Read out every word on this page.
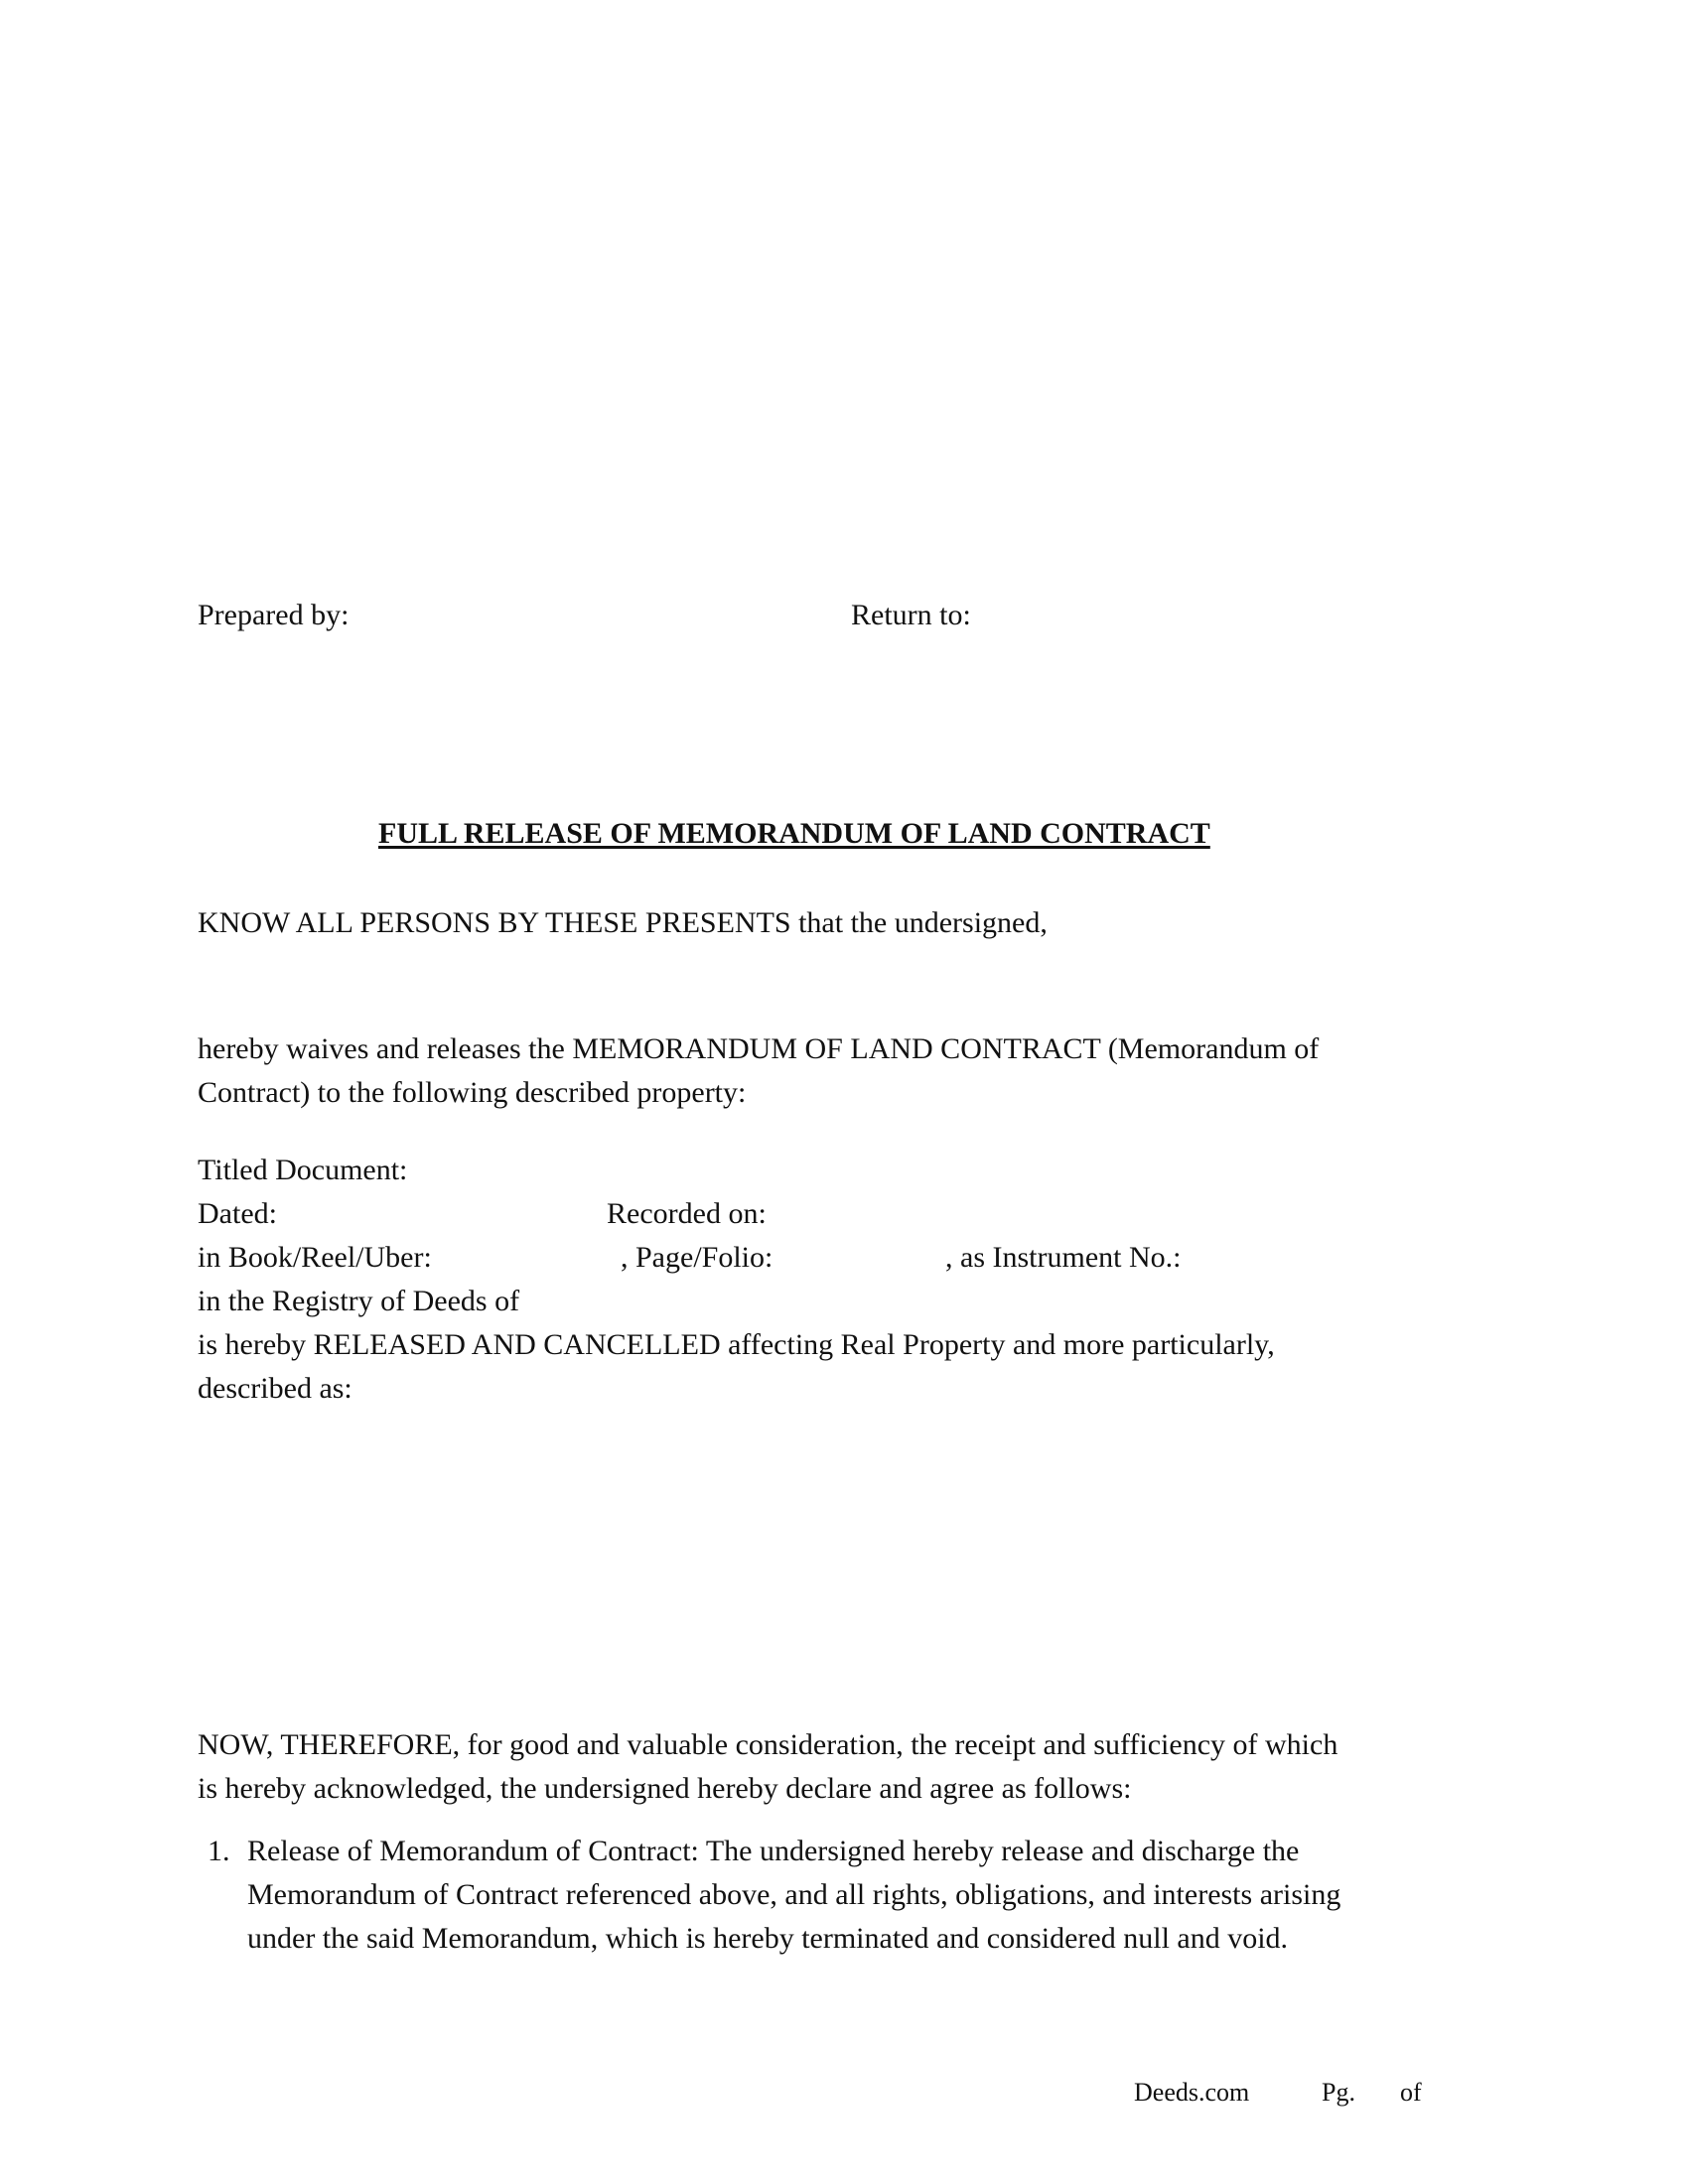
Prepared by:	Return to:

FULL RELEASE OF MEMORANDUM OF LAND CONTRACT

KNOW ALL PERSONS BY THESE PRESENTS that the undersigned,

hereby waives and releases the MEMORANDUM OF LAND CONTRACT (Memorandum of

Contract) to the following described property:

Titled Document:

Dated:	Recorded on:

in Book/Reel/Uber:	, Page/Folio:	, as Instrument No.:

in the Registry of Deeds of

is hereby RELEASED AND CANCELLED affecting Real Property and more particularly,

described as:

NOW, THEREFORE, for good and valuable consideration, the receipt and sufficiency of which

is hereby acknowledged, the undersigned hereby declare and agree as follows:

1. Release of Memorandum of Contract: The undersigned hereby release and discharge the

Memorandum of Contract referenced above, and all rights, obligations, and interests arising

under the said Memorandum, which is hereby terminated and considered null and void.

Deeds.com	Pg. of
